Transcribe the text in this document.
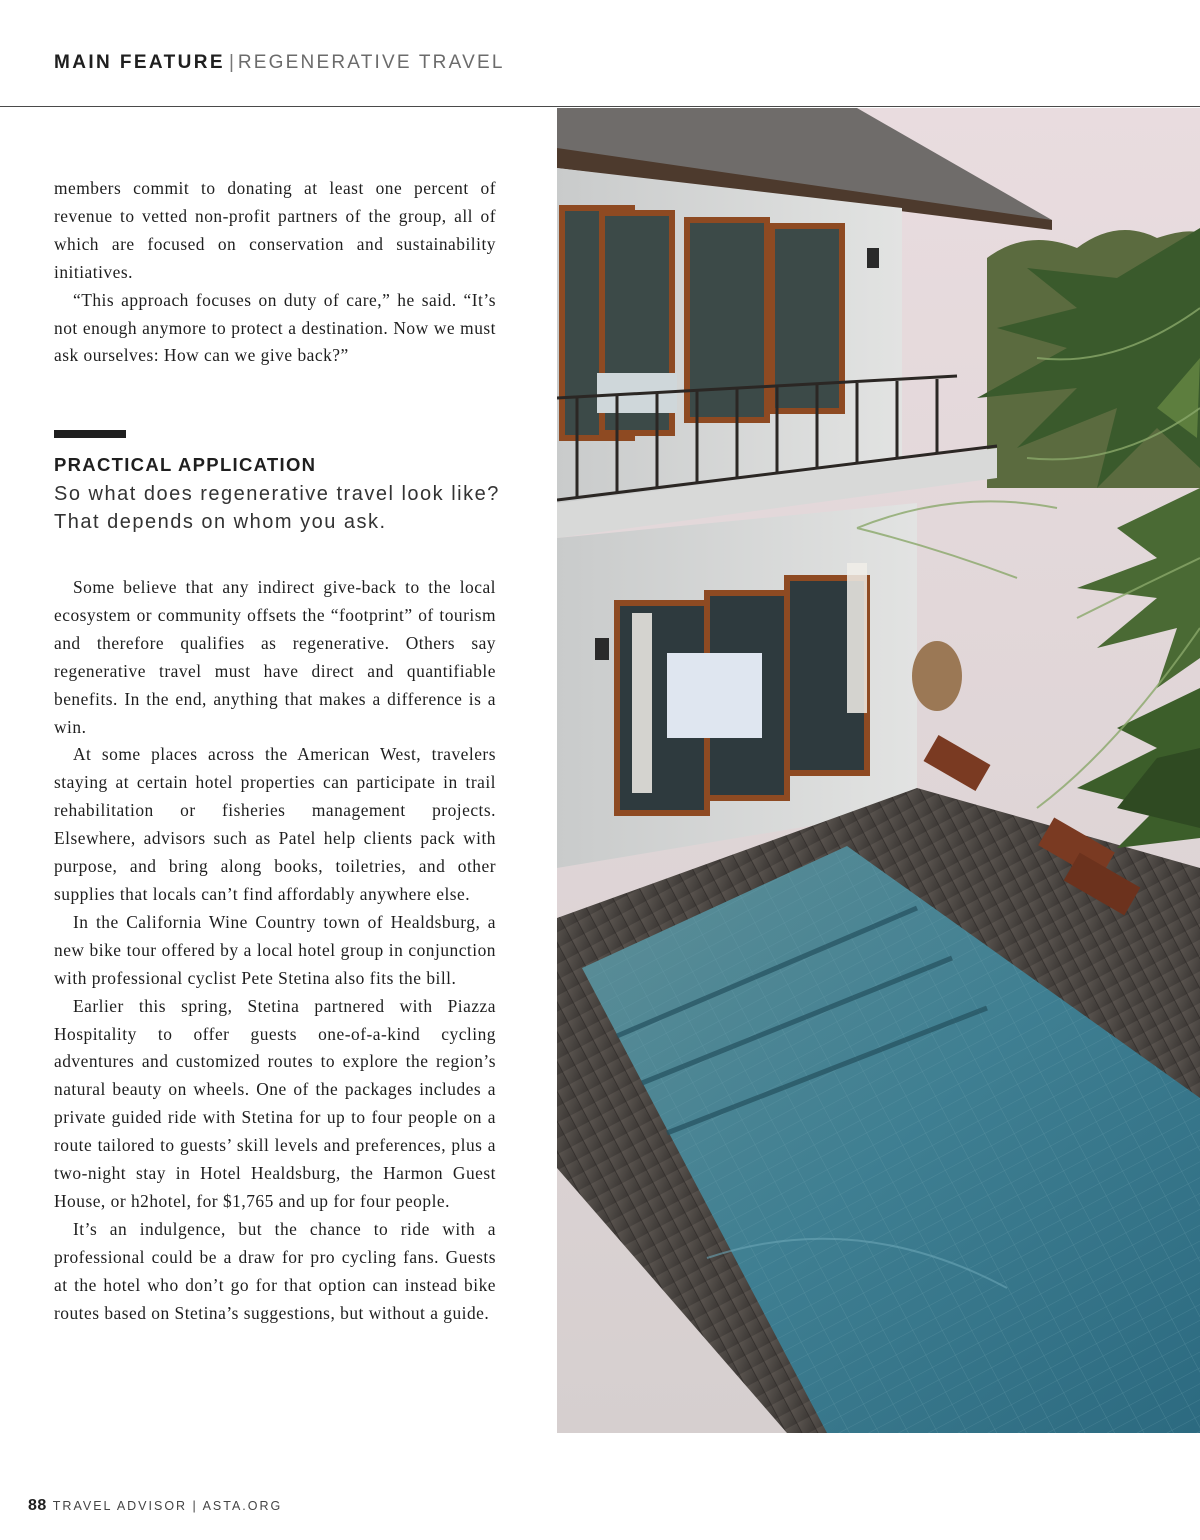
MAIN FEATURE | REGENERATIVE TRAVEL

members commit to donating at least one percent of revenue to vetted non-profit partners of the group, all of which are focused on conservation and sustainability initiatives.

“This approach focuses on duty of care,” he said. “It’s not enough anymore to protect a destination. Now we must ask ourselves: How can we give back?”

PRACTICAL APPLICATION
So what does regenerative travel look like? That depends on whom you ask.

Some believe that any indirect give-back to the local ecosystem or community offsets the “footprint” of tourism and therefore qualifies as regenerative. Others say regenerative travel must have direct and quantifiable benefits. In the end, anything that makes a difference is a win.

At some places across the American West, travelers staying at certain hotel properties can participate in trail rehabilitation or fisheries management projects. Elsewhere, advisors such as Patel help clients pack with purpose, and bring along books, toiletries, and other supplies that locals can’t find affordably anywhere else.

In the California Wine Country town of Healdsburg, a new bike tour offered by a local hotel group in conjunction with professional cyclist Pete Stetina also fits the bill.

Earlier this spring, Stetina partnered with Piazza Hospitality to offer guests one-of-a-kind cycling adventures and customized routes to explore the region’s natural beauty on wheels. One of the packages includes a private guided ride with Stetina for up to four people on a route tailored to guests’ skill levels and preferences, plus a two-night stay in Hotel Healdsburg, the Harmon Guest House, or h2hotel, for $1,765 and up for four people.

It’s an indulgence, but the chance to ride with a professional could be a draw for pro cycling fans. Guests at the hotel who don’t go for that option can instead bike routes based on Stetina’s suggestions, but without a guide.

88 TRAVEL ADVISOR | ASTA.ORG
